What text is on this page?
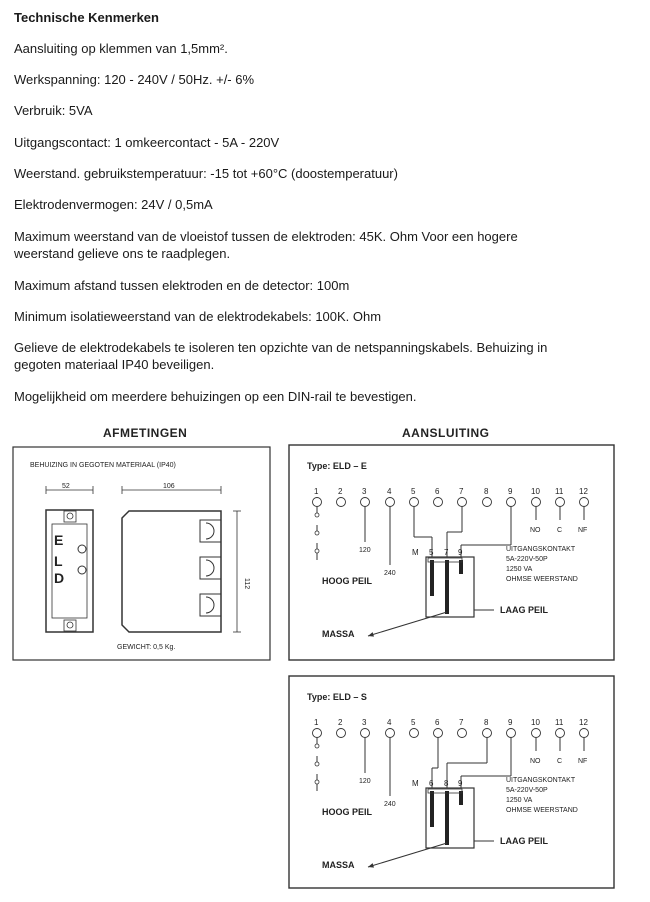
Technische Kenmerken

Aansluiting op klemmen van 1,5mm².

Werkspanning: 120 - 240V / 50Hz. +/- 6%

Verbruik: 5VA

Uitgangscontact: 1 omkeercontact - 5A - 220V

Weerstand. gebruikstemperatuur: -15 tot +60°C (doostemperatuur)

Elektrodenvermogen: 24V / 0,5mA

Maximum weerstand van de vloeistof tussen de elektroden: 45K. Ohm Voor een hogere weerstand gelieve ons te raadplegen.

Maximum afstand tussen elektroden en de detector: 100m

Minimum isolatieweerstand van de elektrodekabels: 100K. Ohm

Gelieve de elektrodekabels te isoleren ten opzichte van de netspanningskabels. Behuizing in gegoten materiaal IP40 beveiligen.

Mogelijkheid om meerdere behuizingen op een DIN-rail te bevestigen.

AFMETINGEN	AANSLUITING
BEHUIZING IN GEGOTEN MATERIAAL (IP40)
52
E
L
D
106
112
GEWICHT: 0,5 Kg.
Type: ELD – E
1 2 3	4 5 6 7	8 9 10 11 12
120
240
NO C NF
5 7 9
M	UITGANGSKONTAKT
5A-220V-50P
1250 VA
OHMSE WEERSTAND
HOOG PEIL
LAAG PEIL
MASSA
Type: ELD – S
1 2 3	4 5 6 7	8 9 10 11 12
120
240
NO C NF
6 8 9
M	UITGANGSKONTAKT
5A-220V-50P
1250 VA
OHMSE WEERSTAND
HOOG PEIL
LAAG PEIL
MASSA
